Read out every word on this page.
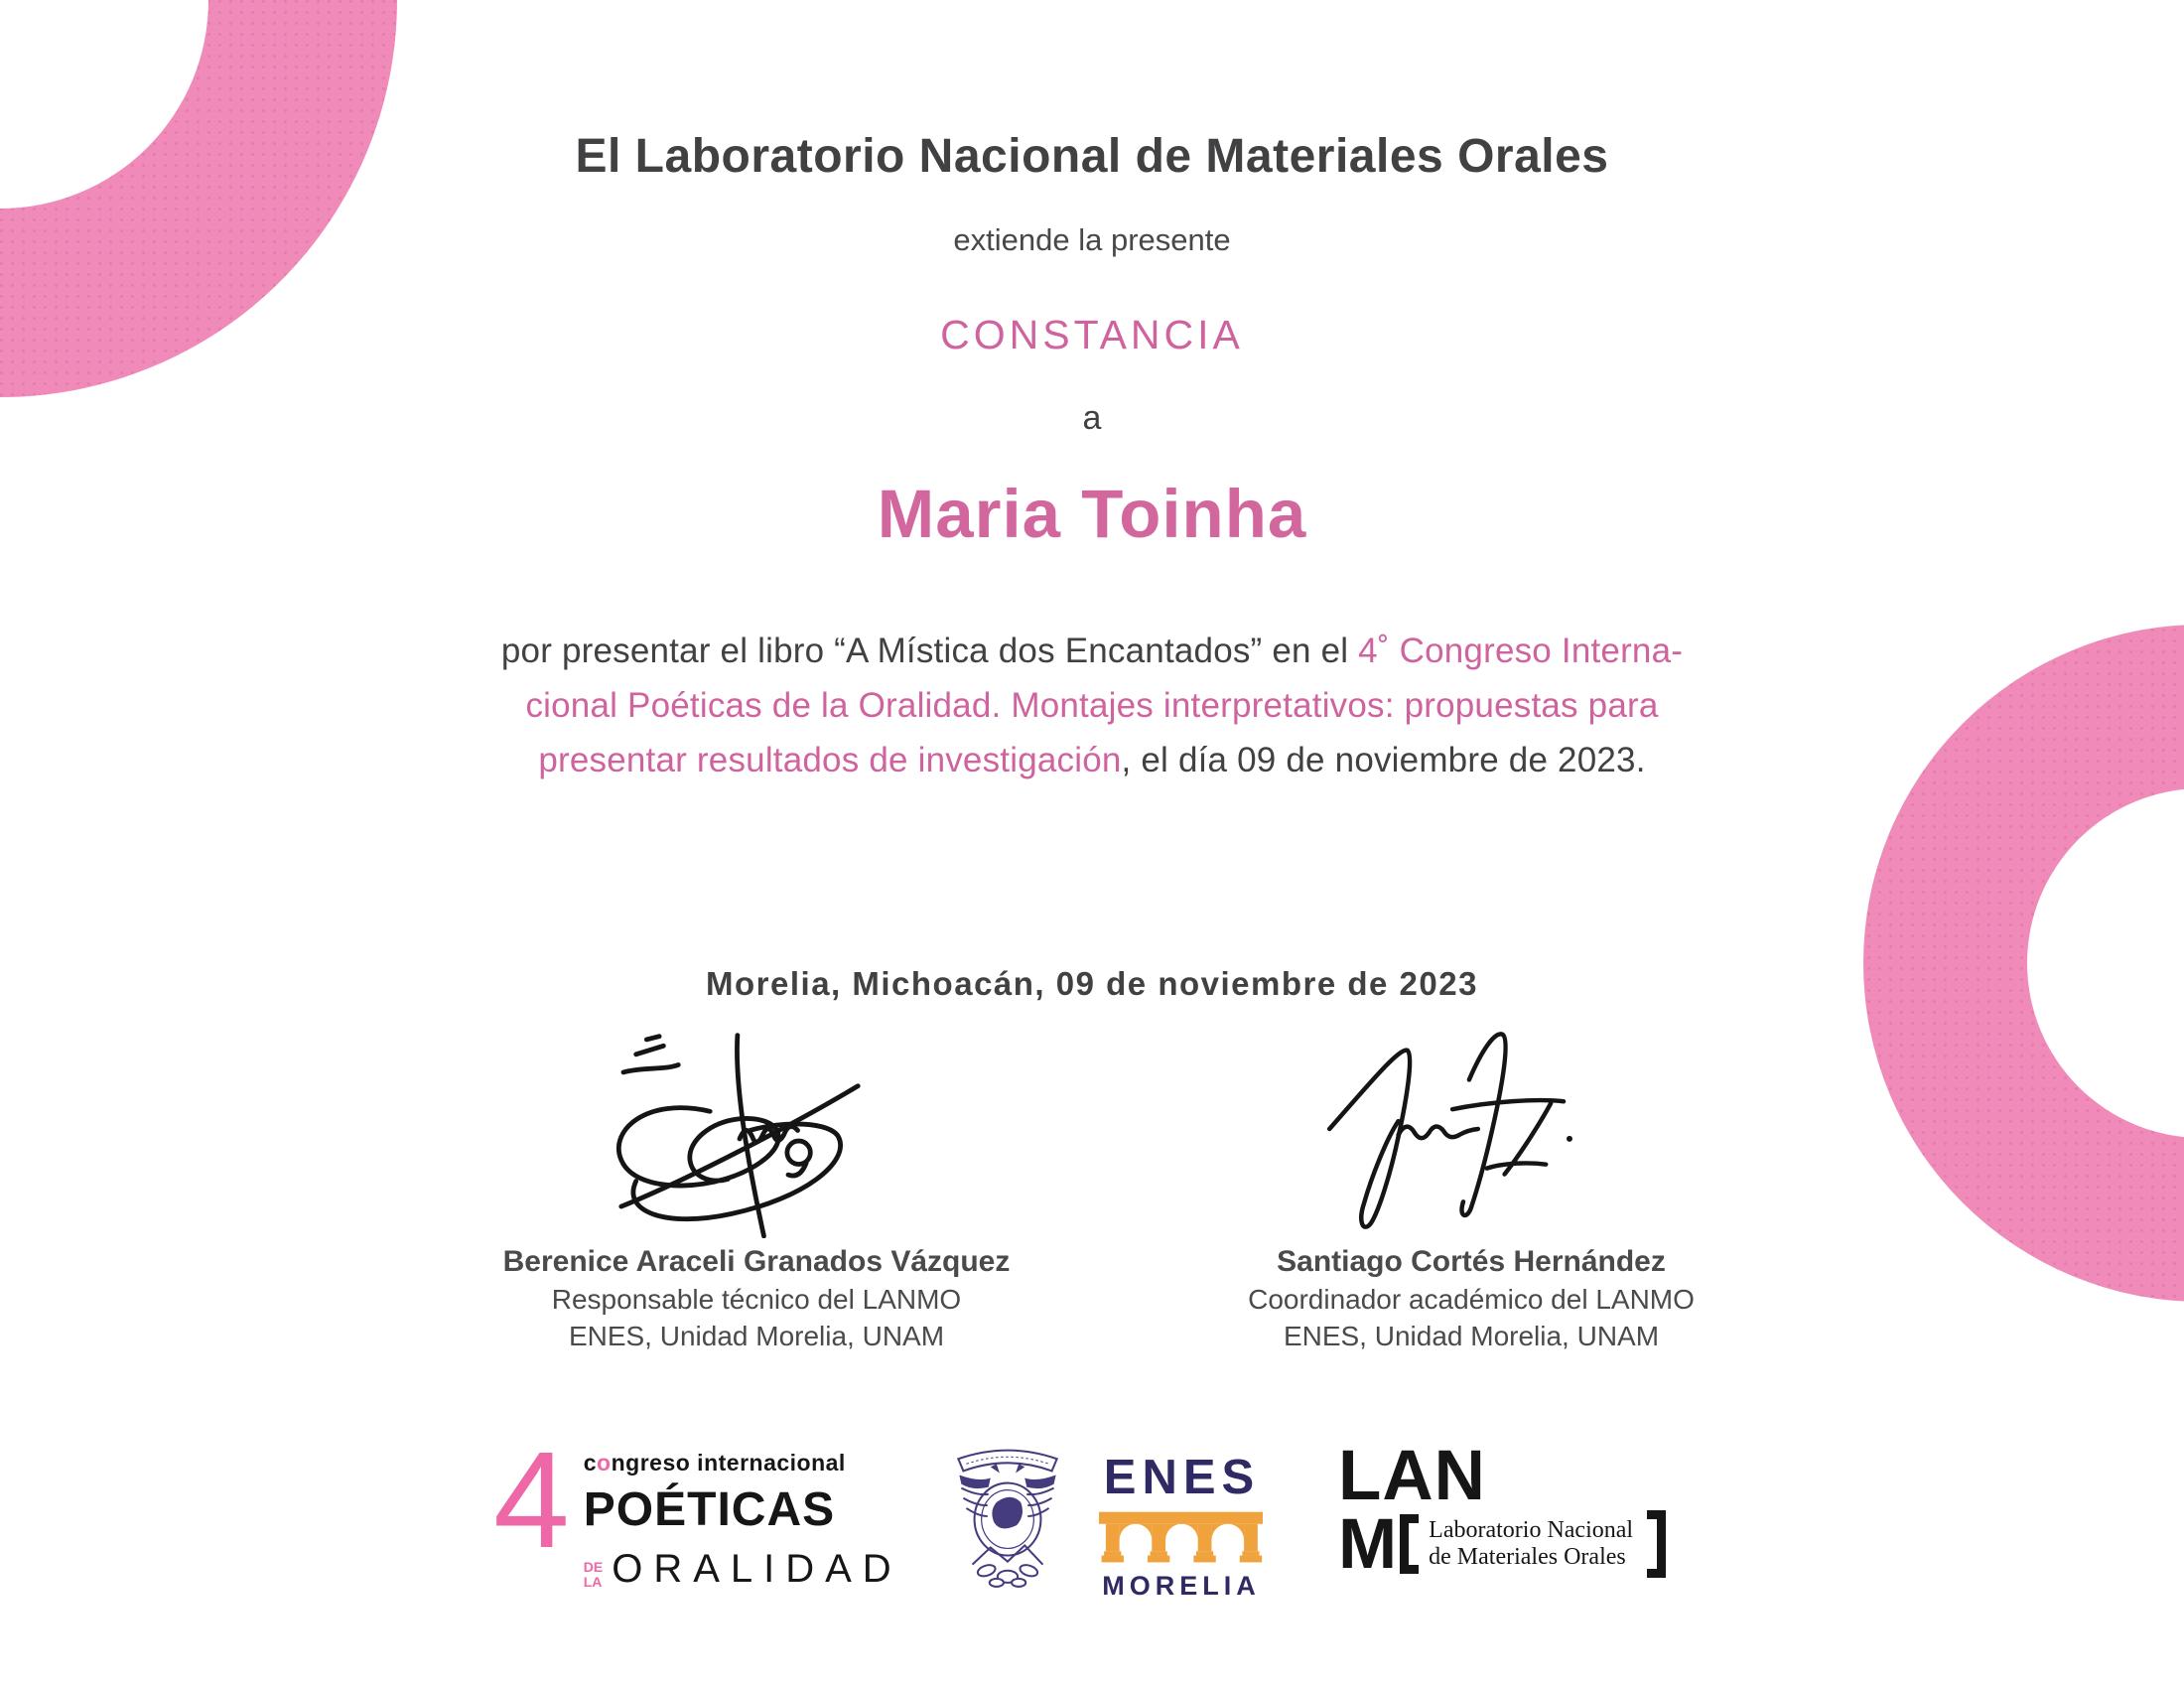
El Laboratorio Nacional de Materiales Orales

extiende la presente

CONSTANCIA

a

Maria Toinha

por presentar el libro “A Mística dos Encantados” en el 4˚ Congreso Interna-
cional Poéticas de la Oralidad. Montajes interpretativos: propuestas para
presentar resultados de investigación, el día 09 de noviembre de 2023.

Morelia, Michoacán, 09 de noviembre de 2023

Berenice Araceli Granados Vázquez

Responsable técnico del LANMO

ENES, Unidad Morelia, UNAM

Santiago Cortés Hernández

Coordinador académico del LANMO

ENES, Unidad Morelia, UNAM

4 congreso internacional
POÉTICAS
DE
LA ORALIDAD
ENES
MORELIA

LAN

M Laboratorio Nacional
de Materiales Orales
